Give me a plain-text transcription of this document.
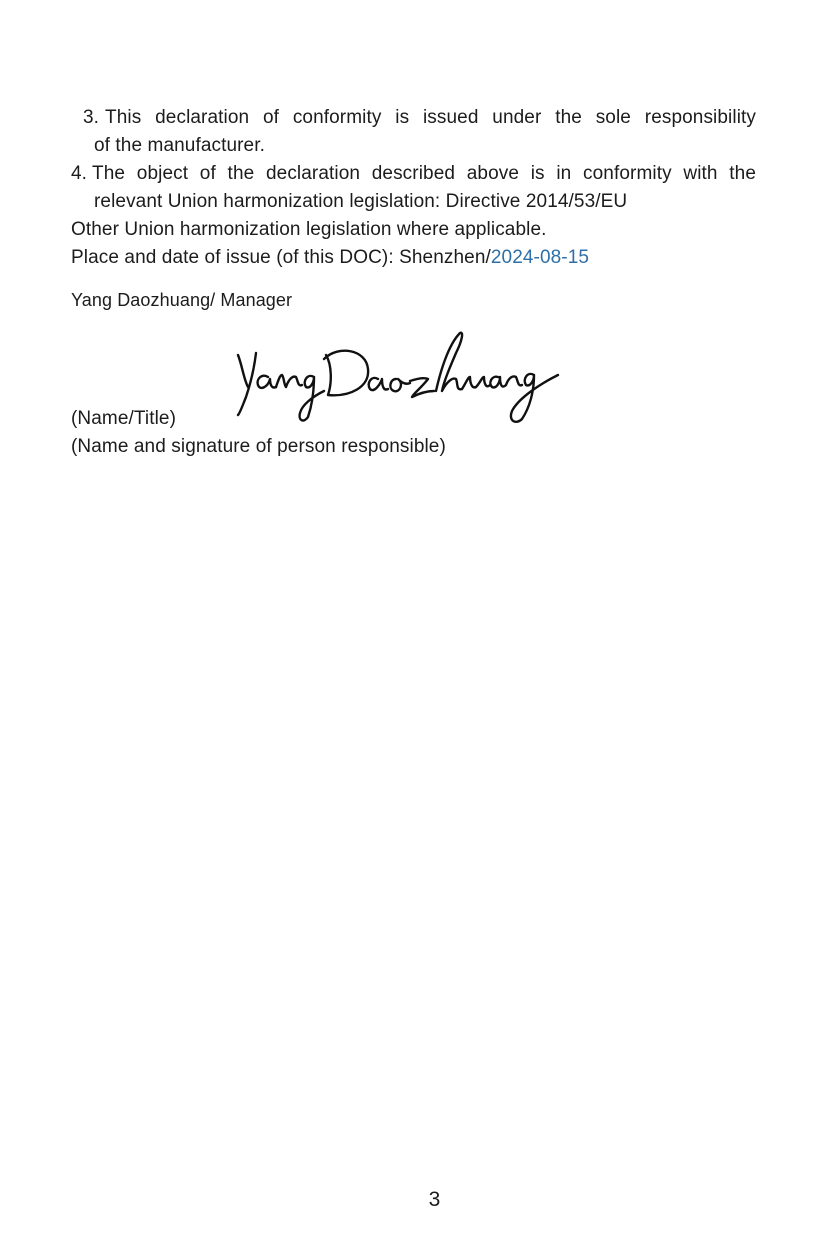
3. This declaration of conformity is issued under the sole responsibility
of the manufacturer.
4. The object of the declaration described above is in conformity with the
relevant Union harmonization legislation: Directive 2014/53/EU
Other Union harmonization legislation where applicable.
Place and date of issue (of this DOC): Shenzhen/2024-08-15
Yang Daozhuang/ Manager
(Name/Title)
(Name and signature of person responsible)
3
